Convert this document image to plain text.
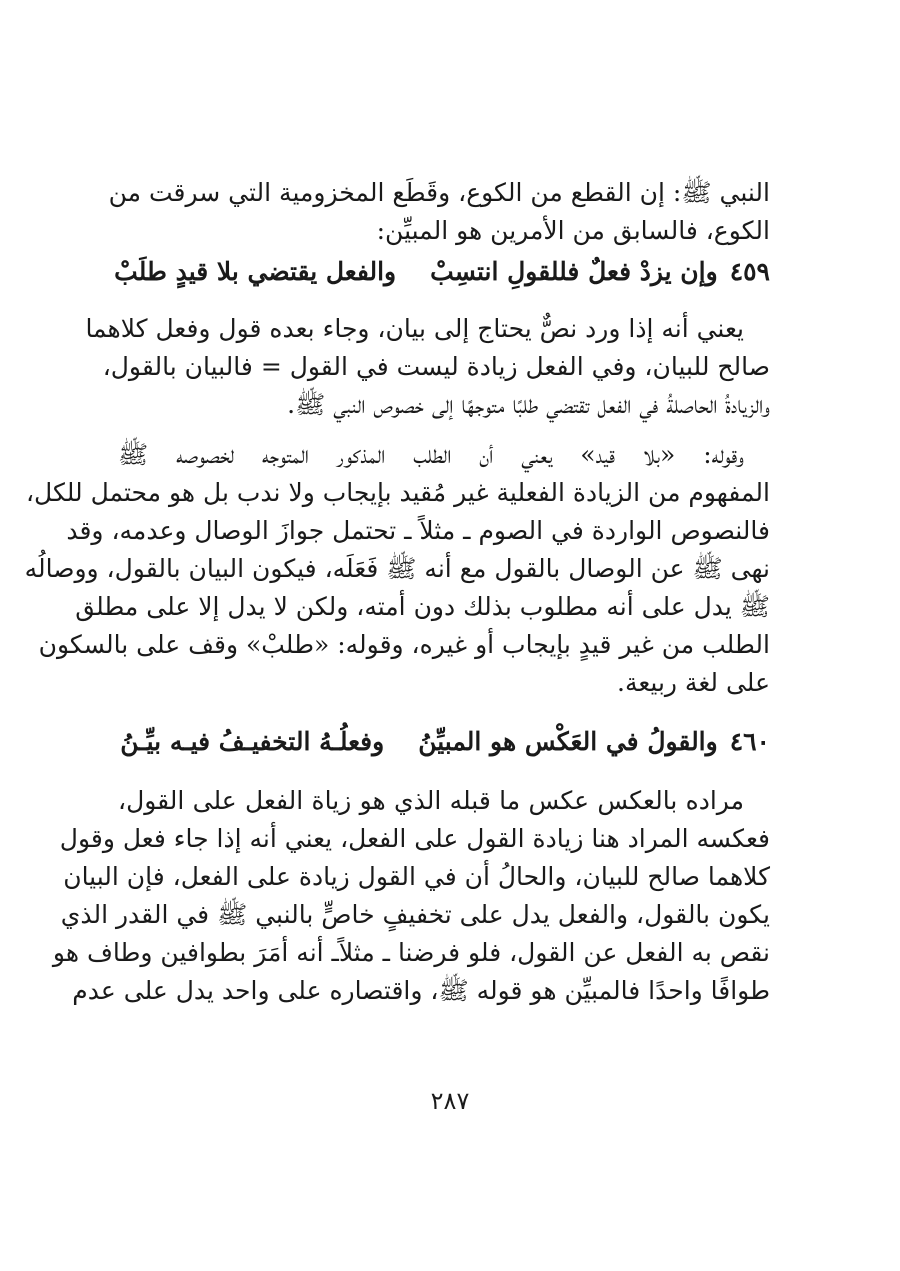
النبي ﷺ: إن القطع من الكوع، وقَطَع المخزومية التي سرقت من
الكوع، فالسابق من الأمرين هو المبيِّن:
٤٥٩
وإن يزدْ فعلٌ فللقولِ انتسِبْ
والفعل يقتضي بلا قيدٍ طلَبْ
يعني أنه إذا ورد نصٌّ يحتاج إلى بيان، وجاء بعده قول وفعل كلاهما
صالح للبيان، وفي الفعل زيادة ليست في القول = فالبيان بالقول،
والزيادةُ الحاصلةُ في الفعل تقتضي طلبًا متوجهًا إلى خصوص النبي ﷺ.
وقوله: «بلا قيد» يعني أن الطلب المذكور المتوجه لخصوصه ﷺ
المفهوم من الزيادة الفعلية غير مُقيد بإيجاب ولا ندب بل هو محتمل للكل،
فالنصوص الواردة في الصوم ـ مثلاً ـ تحتمل جوازَ الوصال وعدمه، وقد
نهى ﷺ عن الوصال بالقول مع أنه ﷺ فَعَلَه، فيكون البيان بالقول، ووصالُه
ﷺ يدل على أنه مطلوب بذلك دون أمته، ولكن لا يدل إلا على مطلق
الطلب من غير قيدٍ بإيجاب أو غيره، وقوله: «طلبْ» وقف على بالسكون
على لغة ربيعة.
٤٦٠
والقولُ في العَكْس هو المبيِّنُ
وفعلُـهُ التخفيـفُ فيـه بيِّـنُ
مراده بالعكس عكس ما قبله الذي هو زياة الفعل على القول،
فعكسه المراد هنا زيادة القول على الفعل، يعني أنه إذا جاء فعل وقول
كلاهما صالح للبيان، والحالُ أن في القول زيادة على الفعل، فإن البيان
يكون بالقول، والفعل يدل على تخفيفٍ خاصٍّ بالنبي ﷺ في القدر الذي
نقص به الفعل عن القول، فلو فرضنا ـ مثلاًـ أنه أمَرَ بطوافين وطاف هو
طوافًا واحدًا فالمبيِّن هو قوله ﷺ، واقتصاره على واحد يدل على عدم
٢٨٧
